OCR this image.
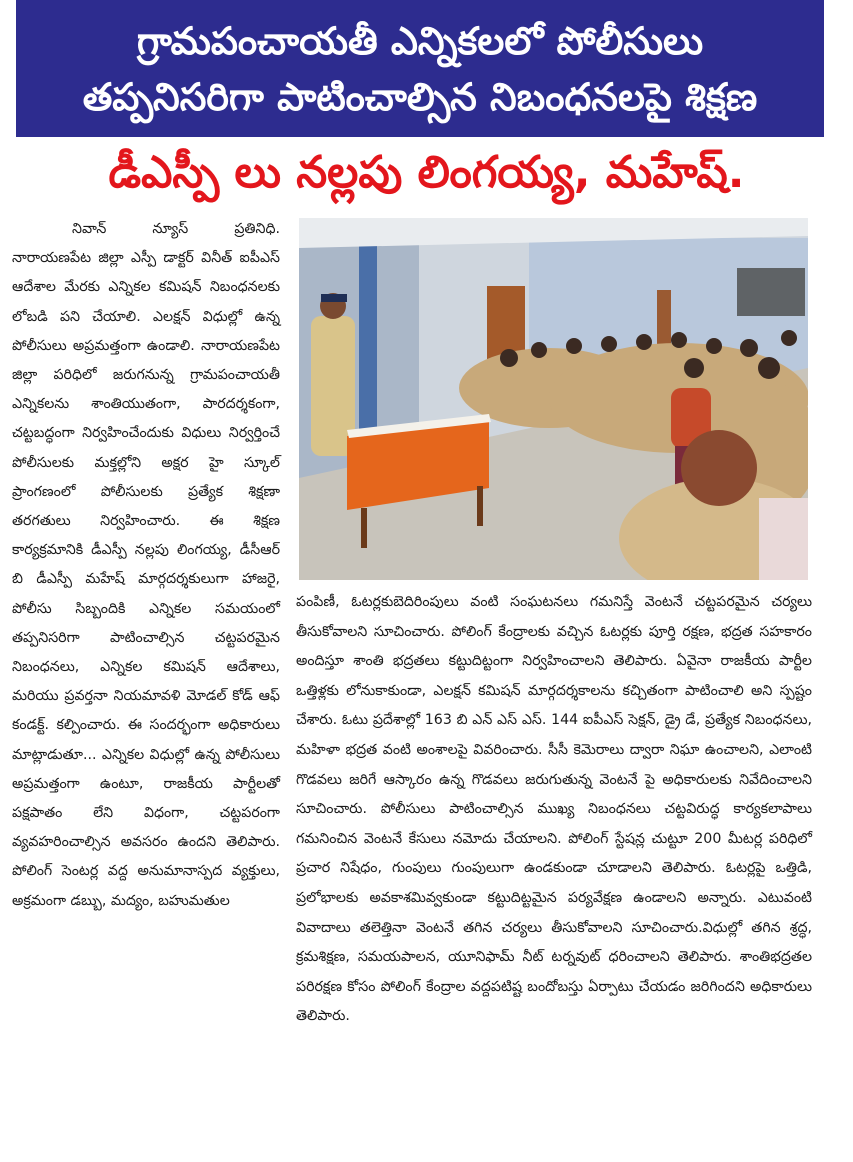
గ్రామపంచాయతీ ఎన్నికలలో పోలీసులు
తప్పనిసరిగా పాటించాల్సిన నిబంధనలపై శిక్షణ
డీఎస్పీ లు నల్లపు లింగయ్య, మహేష్.

నివాన్ న్యూస్ ప్రతినిధి. నారాయణపేట జిల్లా ఎస్పీ డాక్టర్ వినీత్ ఐపీఎస్ ఆదేశాల మేరకు ఎన్నికల కమిషన్ నిబంధనలకు లోబడి పని చేయాలి. ఎలక్షన్ విధుల్లో ఉన్న పోలీసులు అప్రమత్తంగా ఉండాలి. నారాయణపేట జిల్లా పరిధిలో జరుగనున్న గ్రామపంచాయతీ ఎన్నికలను శాంతియుతంగా, పారదర్శకంగా, చట్టబద్ధంగా నిర్వహించేందుకు విధులు నిర్వర్తించే పోలీసులకు మక్తల్లోని అక్షర హై స్కూల్ ప్రాంగణంలో పోలీసులకు ప్రత్యేక శిక్షణా తరగతులు నిర్వహించారు. ఈ శిక్షణ కార్యక్రమానికి డీఎస్పీ నల్లపు లింగయ్య, డీసీఆర్ బి డీఎస్పీ మహేష్ మార్గదర్శకులుగా హాజరై, పోలీసు సిబ్బందికి ఎన్నికల సమయంలో తప్పనిసరిగా పాటించాల్సిన చట్టపరమైన నిబంధనలు, ఎన్నికల కమిషన్ ఆదేశాలు, మరియు ప్రవర్తనా నియమావళి మోడల్ కోడ్ ఆఫ్ కండక్ట్. కల్పించారు. ఈ సందర్భంగా అధికారులు మాట్లాడుతూ... ఎన్నికల విధుల్లో ఉన్న పోలీసులు అప్రమత్తంగా ఉంటూ, రాజకీయ పార్టీలతో పక్షపాతం లేని విధంగా, చట్టపరంగా వ్యవహరించాల్సిన అవసరం ఉందని తెలిపారు. పోలింగ్ సెంటర్ల వద్ద అనుమానాస్పద వ్యక్తులు, అక్రమంగా డబ్బు, మద్యం, బహుమతుల

పంపిణీ, ఓటర్లకుబెదిరింపులు వంటి సంఘటనలు గమనిస్తే వెంటనే చట్టపరమైన చర్యలు తీసుకోవాలని సూచించారు. పోలింగ్ కేంద్రాలకు వచ్చిన ఓటర్లకు పూర్తి రక్షణ, భద్రత సహకారం అందిస్తూ శాంతి భద్రతలు కట్టుదిట్టంగా నిర్వహించాలని తెలిపారు. ఏవైనా రాజకీయ పార్టీల ఒత్తిళ్లకు లోనుకాకుండా, ఎలక్షన్ కమిషన్ మార్గదర్శకాలను కచ్చితంగా పాటించాలి అని స్పష్టం చేశారు. ఓటు ప్రదేశాల్లో 163 బి ఎన్ ఎస్ ఎస్. 144 ఐపీఎస్ సెక్షన్, డ్రై డే, ప్రత్యేక నిబంధనలు, మహిళా భద్రత వంటి అంశాలపై వివరించారు. సీసీ కెమెరాలు ద్వారా నిఘా ఉంచాలని, ఎలాంటి గొడవలు జరిగే ఆస్కారం ఉన్న గొడవలు జరుగుతున్న వెంటనే పై అధికారులకు నివేదించాలని సూచించారు. పోలీసులు పాటించాల్సిన ముఖ్య నిబంధనలు చట్టవిరుద్ధ కార్యకలాపాలు గమనించిన వెంటనే కేసులు నమోదు చేయాలని. పోలింగ్ స్టేషన్ల చుట్టూ 200 మీటర్ల పరిధిలో ప్రచార నిషేధం, గుంపులు గుంపులుగా ఉండకుండా చూడాలని తెలిపారు. ఓటర్లపై ఒత్తిడి, ప్రలోభాలకు అవకాశమివ్వకుండా కట్టుదిట్టమైన పర్యవేక్షణ ఉండాలని అన్నారు. ఎటువంటి వివాదాలు తలెత్తినా వెంటనే తగిన చర్యలు తీసుకోవాలని సూచించారు.విధుల్లో తగిన శ్రద్ధ, క్రమశిక్షణ, సమయపాలన, యూనిఫామ్ నీట్ టర్నవుట్ ధరించాలని తెలిపారు. శాంతిభద్రతల పరిరక్షణ కోసం పోలింగ్ కేంద్రాల వద్దపటిష్ట బందోబస్తు ఏర్పాటు చేయడం జరిగిందని అధికారులు తెలిపారు.
